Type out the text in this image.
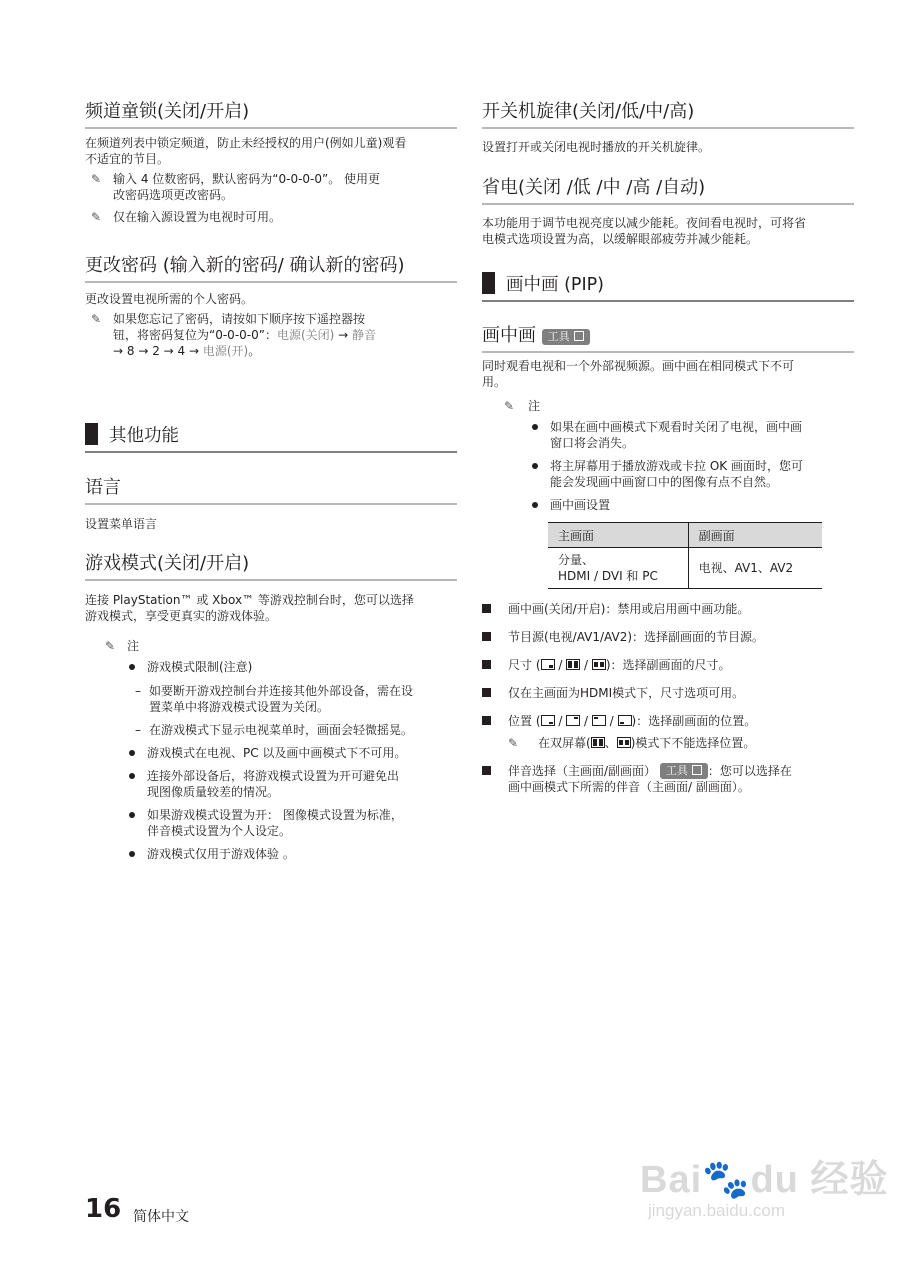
频道童锁(关闭/开启)

在频道列表中锁定频道，防止未经授权的用户(例如儿童)观看

不适宜的节目。

✎ 输入 4 位数密码，默认密码为“0-0-0-0”。 使用更
改密码选项更改密码。
✎ 仅在输入源设置为电视时可用。
更改密码 (输入新的密码/ 确认新的密码)

更改设置电视所需的个人密码。

✎ 如果您忘记了密码，请按如下顺序按下遥控器按
钮，将密码复位为“0-0-0-0”：电源(关闭) → 静音
→ 8 → 2 → 4 → 电源(开)。
其他功能
语言

设置菜单语言

游戏模式(关闭/开启)

连接 PlayStation™ 或 Xbox™ 等游戏控制台时，您可以选择

游戏模式，享受更真实的游戏体验。

✎ 注
游戏模式限制(注意)
– 如要断开游戏控制台并连接其他外部设备，需在设
置菜单中将游戏模式设置为关闭。
– 在游戏模式下显示电视菜单时，画面会轻微摇晃。
游戏模式在电视、PC 以及画中画模式下不可用。
连接外部设备后，将游戏模式设置为开可避免出
现图像质量较差的情况。
如果游戏模式设置为开： 图像模式设置为标准，
伴音模式设置为个人设定。
游戏模式仅用于游戏体验 。
开关机旋律(关闭/低/中/高)

设置打开或关闭电视时播放的开关机旋律。

省电(关闭 /低 /中 /高 /自动)

本功能用于调节电视亮度以减少能耗。夜间看电视时，可将省

电模式选项设置为高，以缓解眼部疲劳并减少能耗。

画中画 (PIP)
画中画 工具

同时观看电视和一个外部视频源。画中画在相同模式下不可

用。

✎ 注
如果在画中画模式下观看时关闭了电视，画中画
窗口将会消失。
将主屏幕用于播放游戏或卡拉 OK 画面时，您可
能会发现画中画窗口中的图像有点不自然。
画中画设置
主画面	副画面

分量、
HDMI / DVI 和 PC	电视、AV1、AV2
画中画(关闭/开启)：禁用或启用画中画功能。
节目源(电视/AV1/AV2)：选择副画面的节目源。
尺寸 (
/
/
)：选择副画面的尺寸。
仅在主画面为HDMI模式下，尺寸选项可用。
位置 (
/
/
/
)：选择副画面的位置。
✎ 在双屏幕( 、 )模式下不能选择位置。
伴音选择（主画面/副画面） 工具 ：您可以选择在
画中画模式下所需的伴音（主画面/ 副画面）。
16 简体中文
Bai🐾du 经验
jingyan.baidu.com
